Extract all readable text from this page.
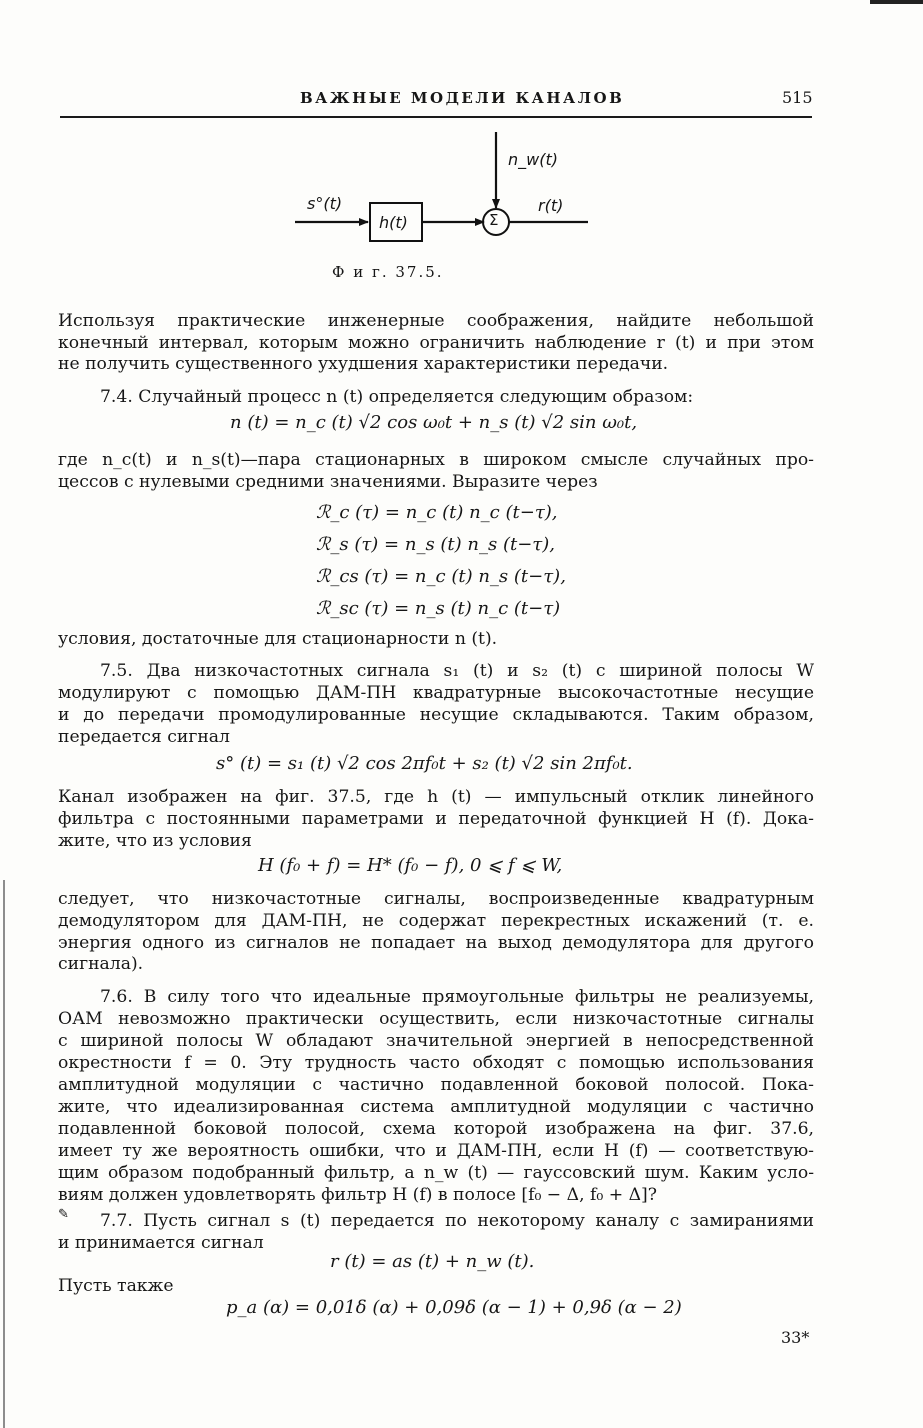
ВАЖНЫЕ МОДЕЛИ КАНАЛОВ	515
s°(t)
n_w(t)
h(t)	Σ
r(t)
Ф и г. 37.5.
Используя практические инженерные соображения, найдите небольшой
конечный интервал, которым можно ограничить наблюдение r (t) и при этом
не получить существенного ухудшения характеристики передачи.
7.4. Случайный процесс n (t) определяется следующим образом:
n (t) = n_c (t) √2 cos ω₀t + n_s (t) √2 sin ω₀t,
где n_c(t) и n_s(t)—пара стационарных в широком смысле случайных про-
цессов с нулевыми средними значениями. Выразите через
ℛ_c (τ) = n_c (t) n_c (t−τ),
ℛ_s (τ) = n_s (t) n_s (t−τ),
ℛ_cs (τ) = n_c (t) n_s (t−τ),
ℛ_sc (τ) = n_s (t) n_c (t−τ)
условия, достаточные для стационарности n (t).
7.5. Два низкочастотных сигнала s₁ (t) и s₂ (t) с шириной полосы W
модулируют с помощью ДАМ-ПН квадратурные высокочастотные несущие
и до передачи промодулированные несущие складываются. Таким образом,
передается сигнал
s° (t) = s₁ (t) √2 cos 2πf₀t + s₂ (t) √2 sin 2πf₀t.
Канал изображен на фиг. 37.5, где h (t) — импульсный отклик линейного
фильтра с постоянными параметрами и передаточной функцией H (f). Дока-
жите, что из условия
H (f₀ + f) = H* (f₀ − f), 0 ⩽ f ⩽ W,
следует, что низкочастотные сигналы, воспроизведенные квадратурным
демодулятором для ДАМ-ПН, не содержат перекрестных искажений (т. е.
энергия одного из сигналов не попадает на выход демодулятора для другого
сигнала).
7.6. В силу того что идеальные прямоугольные фильтры не реализуемы,
ОАМ невозможно практически осуществить, если низкочастотные сигналы
с шириной полосы W обладают значительной энергией в непосредственной
окрестности f = 0. Эту трудность часто обходят с помощью использования
амплитудной модуляции с частично подавленной боковой полосой. Пока-
жите, что идеализированная система амплитудной модуляции с частично
подавленной боковой полосой, схема которой изображена на фиг. 37.6,
имеет ту же вероятность ошибки, что и ДАМ-ПН, если H (f) — соответствую-
щим образом подобранный фильтр, а n_w (t) — гауссовский шум. Каким усло-
виям должен удовлетворять фильтр H (f) в полосе [f₀ − Δ, f₀ + Δ]?
✎ 7.7. Пусть сигнал s (t) передается по некоторому каналу с замираниями
и принимается сигнал
r (t) = as (t) + n_w (t).
Пусть также
p_a (α) = 0,01δ (α) + 0,09δ (α − 1) + 0,9δ (α − 2)
33*
